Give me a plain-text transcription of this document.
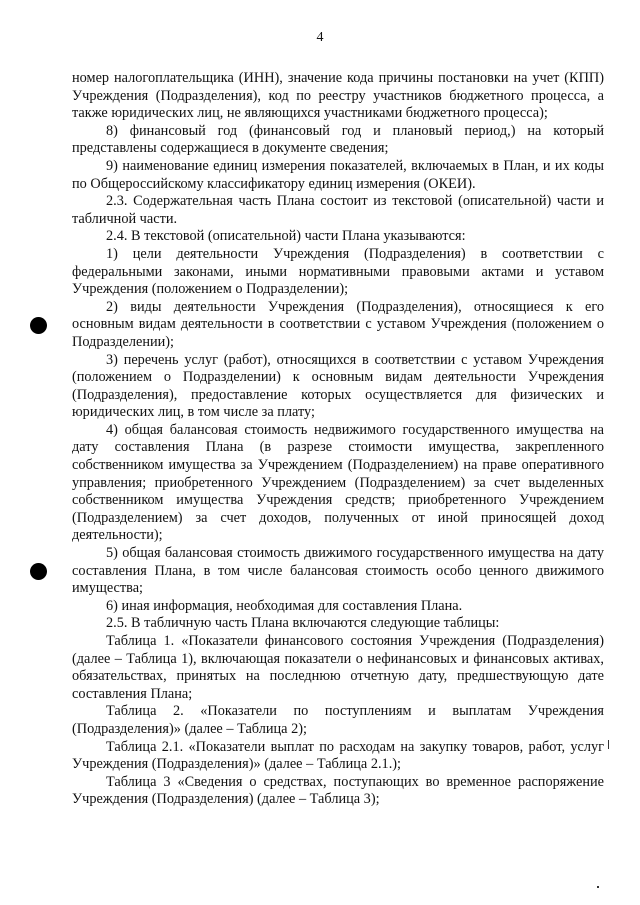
4

номер налогоплательщика (ИНН), значение кода причины постановки на учет (КПП) Учреждения (Подразделения), код по реестру участников бюджетного процесса, а также юридических лиц, не являющихся участниками бюджетного процесса);

8) финансовый год (финансовый год и плановый период,) на который представлены содержащиеся в документе сведения;

9) наименование единиц измерения показателей, включаемых в План, и их коды по Общероссийскому классификатору единиц измерения (ОКЕИ).

2.3. Содержательная часть Плана состоит из текстовой (описательной) части и табличной части.

2.4. В текстовой (описательной) части Плана указываются:

1) цели деятельности Учреждения (Подразделения) в соответствии с федеральными законами, иными нормативными правовыми актами и уставом Учреждения (положением о Подразделении);

2) виды деятельности Учреждения (Подразделения), относящиеся к его основным видам деятельности в соответствии с уставом Учреждения (положением о Подразделении);

3) перечень услуг (работ), относящихся в соответствии с уставом Учреждения (положением о Подразделении) к основным видам деятельности Учреждения (Подразделения), предоставление которых осуществляется для физических и юридических лиц, в том числе за плату;

4) общая балансовая стоимость недвижимого государственного имущества на дату составления Плана (в разрезе стоимости имущества, закрепленного собственником имущества за Учреждением (Подразделением) на праве оперативного управления; приобретенного Учреждением (Подразделением) за счет выделенных собственником имущества Учреждения средств; приобретенного Учреждением (Подразделением) за счет доходов, полученных от иной приносящей доход деятельности);

5) общая балансовая стоимость движимого государственного имущества на дату составления Плана, в том числе балансовая стоимость особо ценного движимого имущества;

6) иная информация, необходимая для составления Плана.

2.5. В табличную часть Плана включаются следующие таблицы:

Таблица 1. «Показатели финансового состояния Учреждения (Подразделения) (далее – Таблица 1), включающая показатели о нефинансовых и финансовых активах, обязательствах, принятых на последнюю отчетную дату, предшествующую дате составления Плана;

Таблица 2. «Показатели по поступлениям и выплатам Учреждения (Подразделения)» (далее – Таблица 2);

Таблица 2.1. «Показатели выплат по расходам на закупку товаров, работ, услуг Учреждения (Подразделения)» (далее – Таблица 2.1.);

Таблица 3 «Сведения о средствах, поступающих во временное распоряжение Учреждения (Подразделения) (далее – Таблица 3);
